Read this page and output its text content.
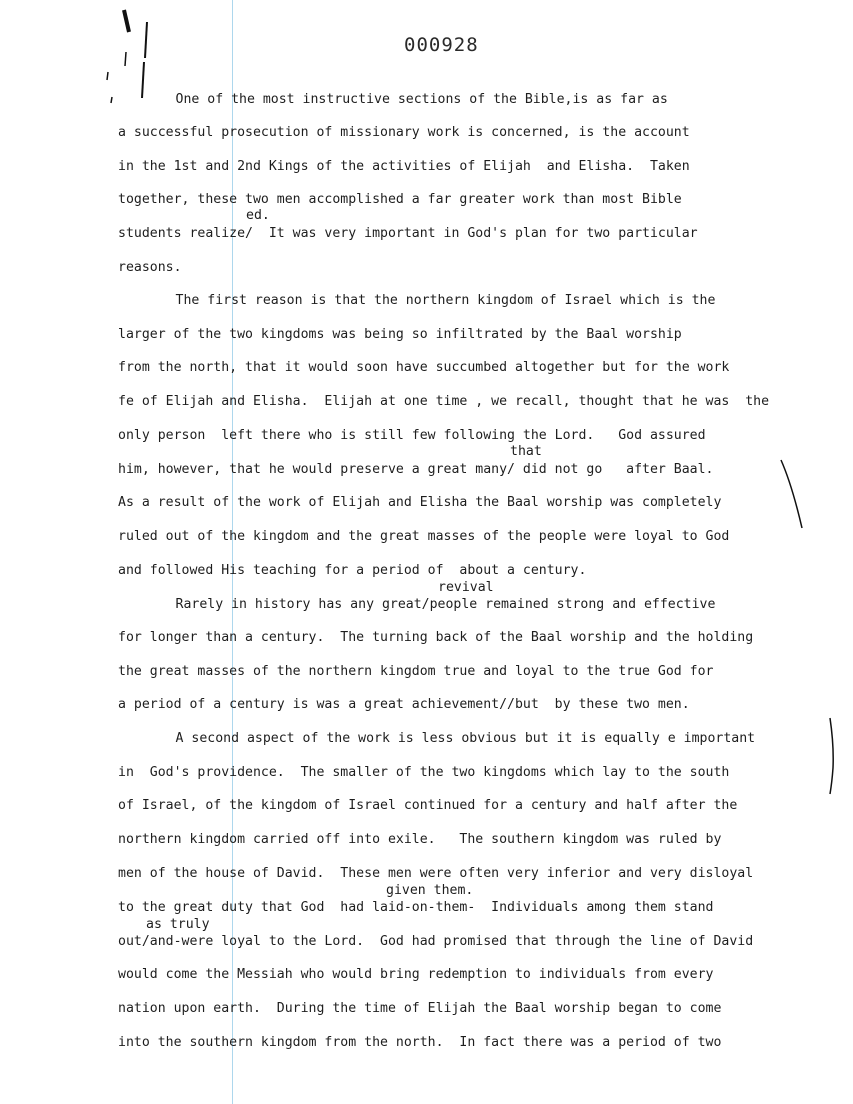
000928
One of the most instructive sections of the Bible,is as far as
a successful prosecution of missionary work is concerned, is the account
in the 1st and 2nd Kings of the activities of Elijah  and Elisha.  Taken
together, these two men accomplished a far greater work than most Bible
ed.
students realize/  It was very important in God's plan for two particular
reasons.
The first reason is that the northern kingdom of Israel which is the
larger of the two kingdoms was being so infiltrated by the Baal worship
from the north, that it would soon have succumbed altogether but for the work
fe of Elijah and Elisha.  Elijah at one time , we recall, thought that he was  the
only person  left there who is still few following the Lord.   God assured
that
him, however, that he would preserve a great many/ did not go   after Baal.
As a result of the work of Elijah and Elisha the Baal worship was completely
ruled out of the kingdom and the great masses of the people were loyal to God
and followed His teaching for a period of  about a century.
revival
Rarely in history has any great/people remained strong and effective
for longer than a century.  The turning back of the Baal worship and the holding
the great masses of the northern kingdom true and loyal to the true God for
a period of a century is was a great achievement//but  by these two men.
A second aspect of the work is less obvious but it is equally e important
in  God's providence.  The smaller of the two kingdoms which lay to the south
of Israel, of the kingdom of Israel continued for a century and half after the
northern kingdom carried off into exile.   The southern kingdom was ruled by
men of the house of David.  These men were often very inferior and very disloyal
given them.
to the great duty that God  had laid-on-them-  Individuals among them stand
as truly
out/and-were loyal to the Lord.  God had promised that through the line of David
would come the Messiah who would bring redemption to individuals from every
nation upon earth.  During the time of Elijah the Baal worship began to come
into the southern kingdom from the north.  In fact there was a period of two
